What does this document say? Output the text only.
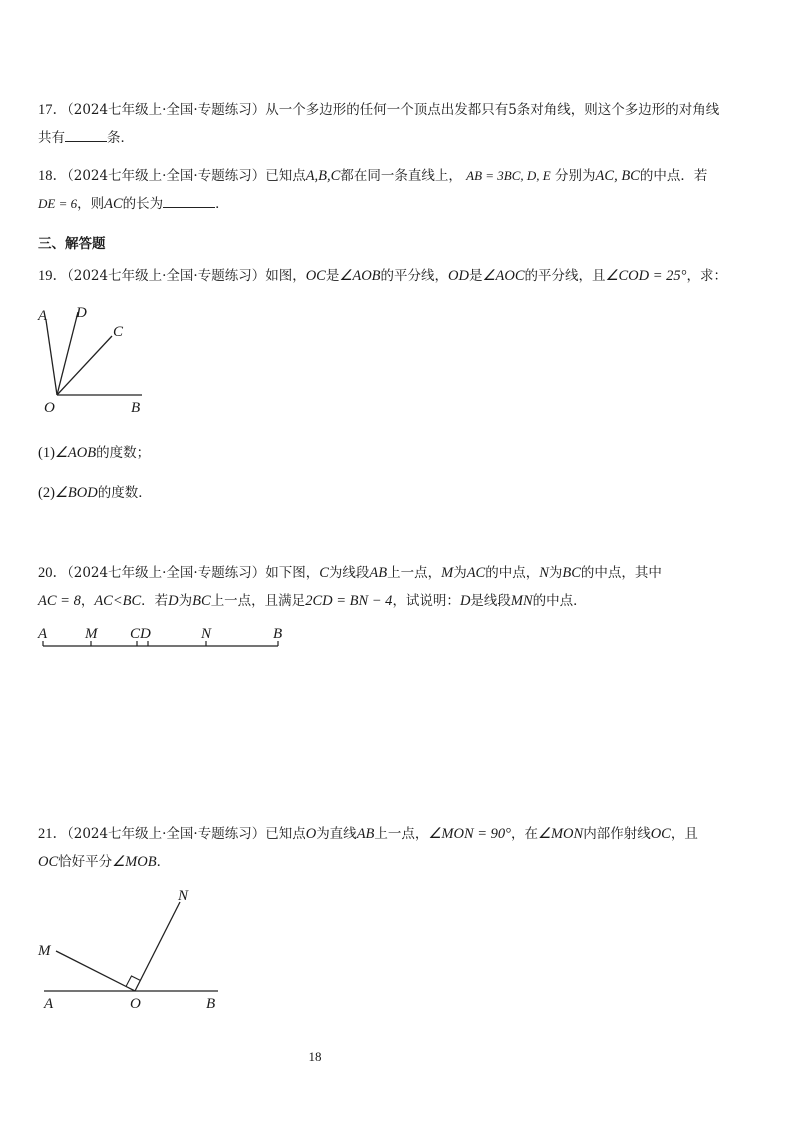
17．（2024七年级上·全国·专题练习）从一个多边形的任何一个顶点出发都只有5条对角线，则这个多边形的对角线
共有	条．
18．（2024七年级上·全国·专题练习）已知点A,B,C都在同一条直线上， AB = 3BC, D, E 分别为AC, BC的中点．若
DE = 6，则AC的长为	．
三、解答题
19．（2024七年级上·全国·专题练习）如图，OC是∠AOB的平分线，OD是∠AOC的平分线，且∠COD = 25°，求：
A D
C
O	B
(1)∠AOB的度数；
(2)∠BOD的度数．
20．（2024七年级上·全国·专题练习）如下图，C为线段AB上一点，M为AC的中点，N为BC的中点，其中
AC = 8，AC<BC．若D为BC上一点，且满足2CD = BN − 4，试说明：D是线段MN的中点．
A	M CD	N	B
21．（2024七年级上·全国·专题练习）已知点O为直线AB上一点，∠MON = 90°，在∠MON内部作射线OC，且
OC恰好平分∠MOB．
N
M
A	O	B
18
